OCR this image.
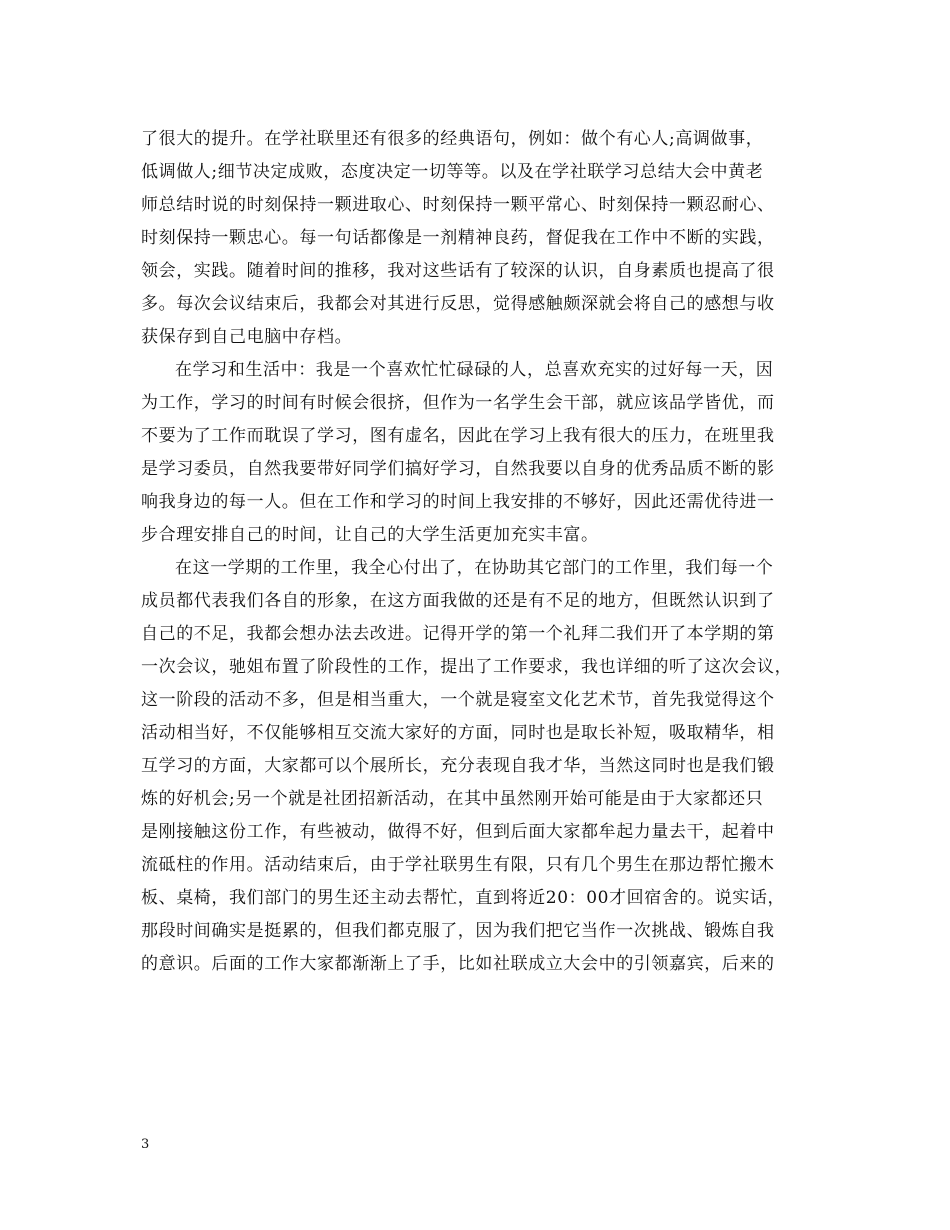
了很大的提升。在学社联里还有很多的经典语句，例如：做个有心人;高调做事，
低调做人;细节决定成败，态度决定一切等等。以及在学社联学习总结大会中黄老
师总结时说的时刻保持一颗进取心、时刻保持一颗平常心、时刻保持一颗忍耐心、
时刻保持一颗忠心。每一句话都像是一剂精神良药，督促我在工作中不断的实践，
领会，实践。随着时间的推移，我对这些话有了较深的认识，自身素质也提高了很
多。每次会议结束后，我都会对其进行反思，觉得感触颇深就会将自己的感想与收
获保存到自己电脑中存档。
在学习和生活中：我是一个喜欢忙忙碌碌的人，总喜欢充实的过好每一天，因
为工作，学习的时间有时候会很挤，但作为一名学生会干部，就应该品学皆优，而
不要为了工作而耽误了学习，图有虚名，因此在学习上我有很大的压力，在班里我
是学习委员，自然我要带好同学们搞好学习，自然我要以自身的优秀品质不断的影
响我身边的每一人。但在工作和学习的时间上我安排的不够好，因此还需优待进一
步合理安排自己的时间，让自己的大学生活更加充实丰富。
在这一学期的工作里，我全心付出了，在协助其它部门的工作里，我们每一个
成员都代表我们各自的形象，在这方面我做的还是有不足的地方，但既然认识到了
自己的不足，我都会想办法去改进。记得开学的第一个礼拜二我们开了本学期的第
一次会议，驰姐布置了阶段性的工作，提出了工作要求，我也详细的听了这次会议，
这一阶段的活动不多，但是相当重大，一个就是寝室文化艺术节，首先我觉得这个
活动相当好，不仅能够相互交流大家好的方面，同时也是取长补短，吸取精华，相
互学习的方面，大家都可以个展所长，充分表现自我才华，当然这同时也是我们锻
炼的好机会;另一个就是社团招新活动，在其中虽然刚开始可能是由于大家都还只
是刚接触这份工作，有些被动，做得不好，但到后面大家都牟起力量去干，起着中
流砥柱的作用。活动结束后，由于学社联男生有限，只有几个男生在那边帮忙搬木
板、桌椅，我们部门的男生还主动去帮忙，直到将近20：00才回宿舍的。说实话，
那段时间确实是挺累的，但我们都克服了，因为我们把它当作一次挑战、锻炼自我
的意识。后面的工作大家都渐渐上了手，比如社联成立大会中的引领嘉宾，后来的
3
